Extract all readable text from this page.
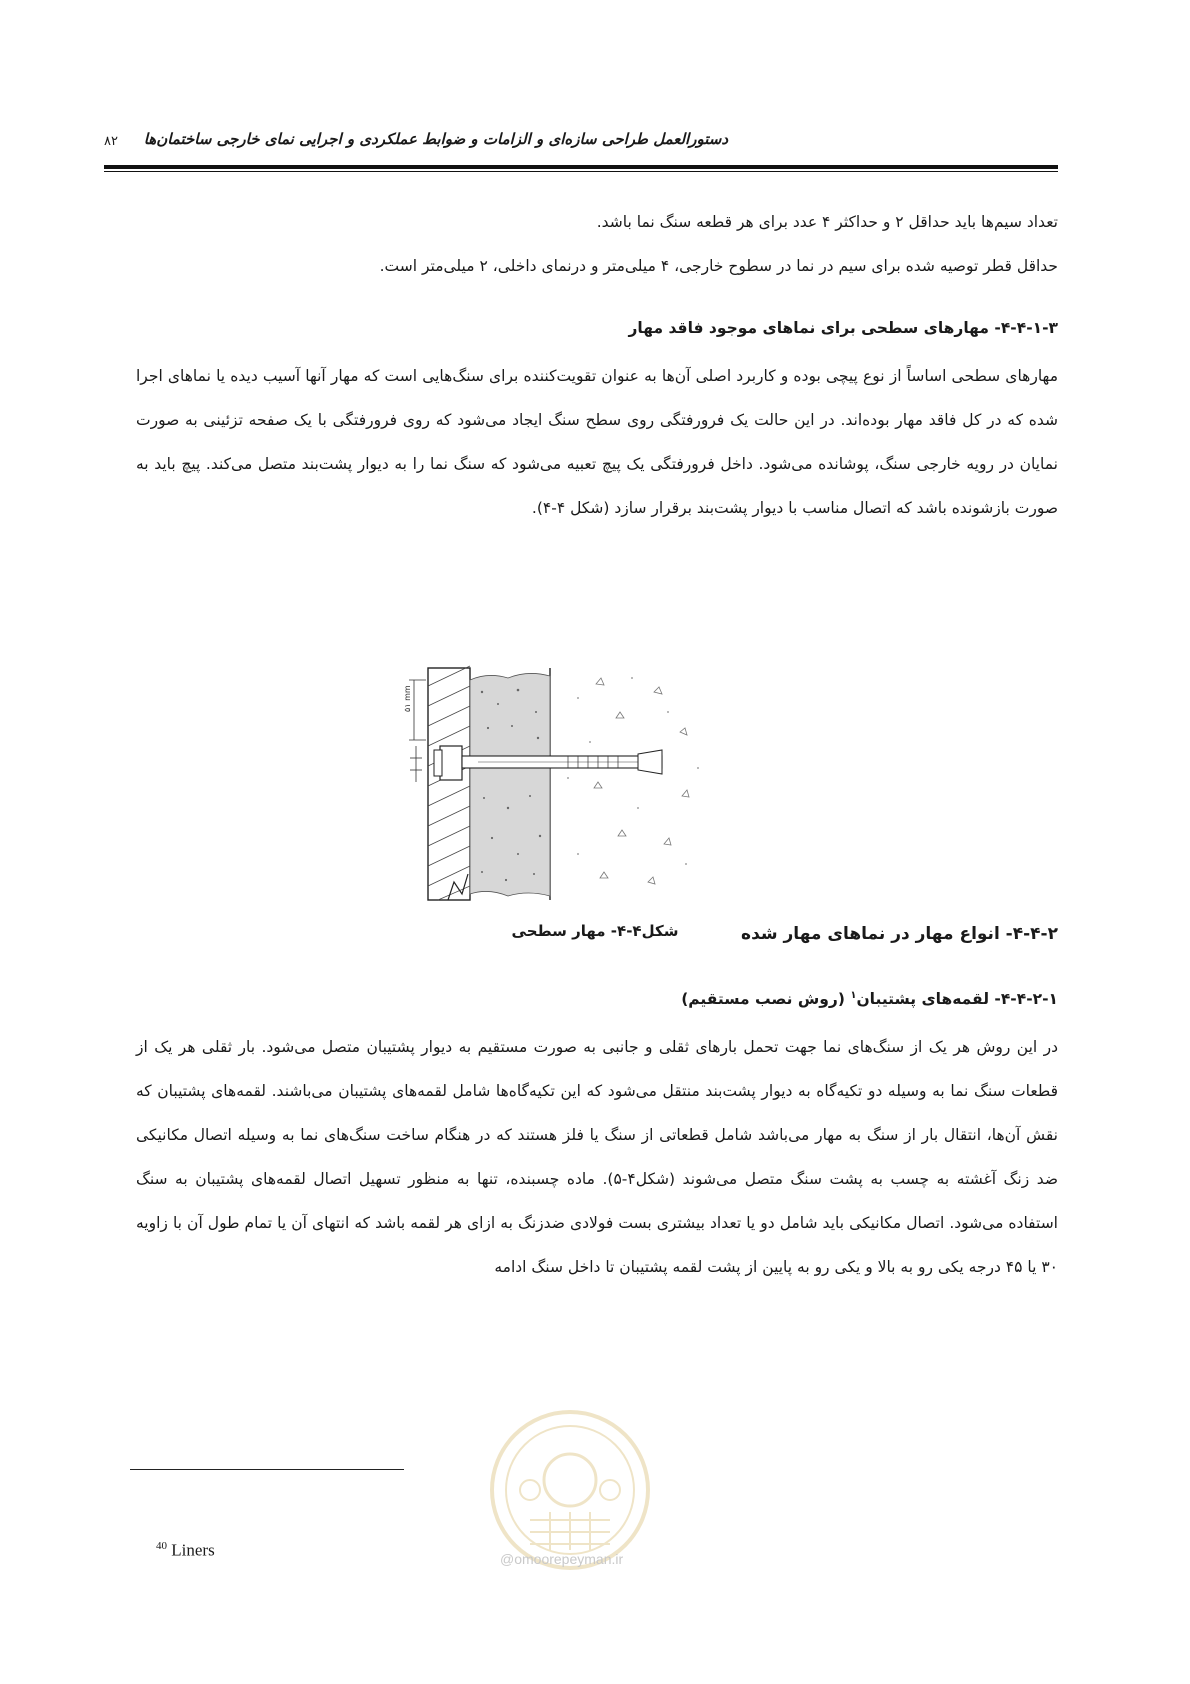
دستورالعمل طراحی سازه‌ای و الزامات و ضوابط عملکردی و اجرایی نمای خارجی ساختمان‌ها
۸۲
تعداد سیم‌ها باید حداقل ۲ و حداکثر ۴ عدد برای هر قطعه سنگ نما باشد.
حداقل قطر توصیه شده برای سیم در نما در سطوح خارجی، ۴ میلی‌متر و درنمای داخلی، ۲ میلی‌متر است.
۴-۴-۱-۳- مهارهای سطحی برای نماهای موجود فاقد مهار
مهارهای سطحی اساساً از نوع پیچی بوده و کاربرد اصلی آن‌ها به عنوان تقویت‌کننده برای سنگ‌هایی است که مهار آنها آسیب دیده یا نماهای اجرا شده که در کل فاقد مهار بوده‌اند. در این حالت یک فرورفتگی روی سطح سنگ ایجاد می‌شود که روی فرورفتگی با یک صفحه تزئینی به صورت نمایان در رویه خارجی سنگ، پوشانده می‌شود. داخل فرورفتگی یک پیچ تعبیه می‌شود که سنگ نما را به دیوار پشت‌بند متصل می‌کند. پیچ باید به صورت بازشونده باشد که اتصال مناسب با دیوار پشت‌بند برقرار سازد (شکل ۴-۴).
۵۱ mm
شکل۴-۴- مهار سطحی	۴-۴-۲- انواع مهار در نماهای مهار شده
۴-۴-۲-۱- لقمه‌های پشتیبان$^۱$ (روش نصب مستقیم)
در این روش هر یک از سنگ‌های نما جهت تحمل بارهای ثقلی و جانبی به صورت مستقیم به دیوار پشتیبان متصل می‌شود. بار ثقلی هر یک از قطعات سنگ نما به وسیله دو تکیه‌گاه به دیوار پشت‌بند منتقل می‌شود که این تکیه‌گاه‌ها شامل لقمه‌های پشتیبان می‌باشند. لقمه‌های پشتیبان که نقش آن‌ها، انتقال بار از سنگ به مهار می‌باشد شامل قطعاتی از سنگ یا فلز هستند که در هنگام ساخت سنگ‌های نما به وسیله اتصال مکانیکی ضد زنگ آغشته به چسب به پشت سنگ متصل می‌شوند (شکل۴-۵). ماده چسبنده، تنها به منظور تسهیل اتصال لقمه‌های پشتیبان به سنگ استفاده می‌شود. اتصال مکانیکی باید شامل دو یا تعداد بیشتری بست فولادی ضدزنگ به ازای هر لقمه باشد که انتهای آن یا تمام طول آن با زاویه ۳۰ یا ۴۵ درجه یکی رو به بالا و یکی رو به پایین از پشت لقمه پشتیبان تا داخل سنگ ادامه
$^{40}$ Liners	@omoorepeyman.ir
